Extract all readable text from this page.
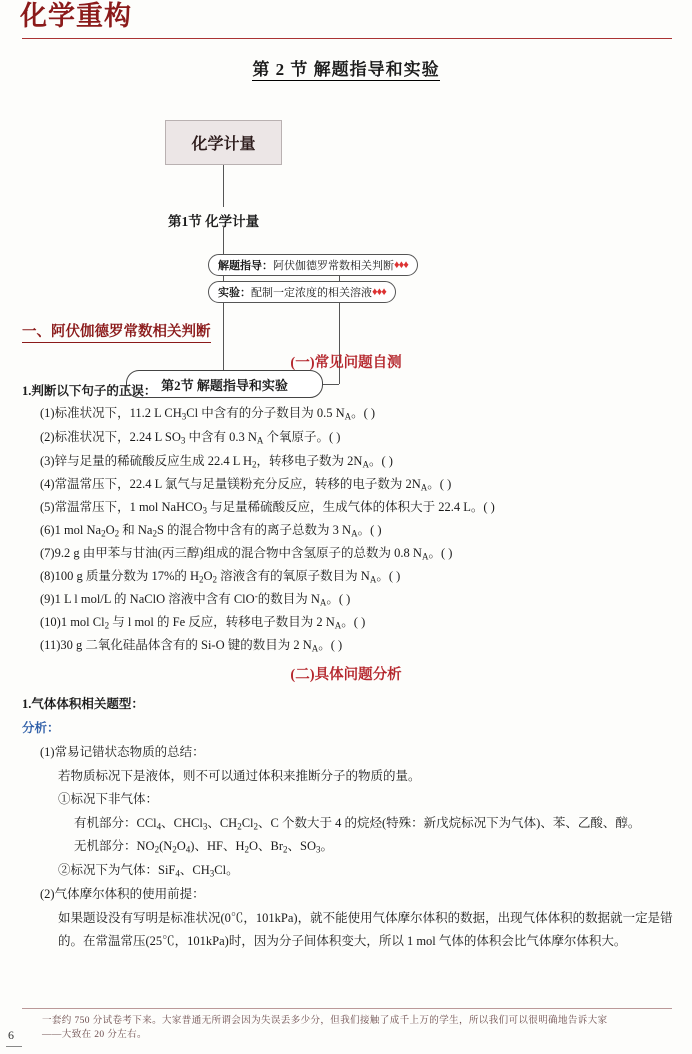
化学重构
第 2 节 解题指导和实验
化学计量
第1节 化学计量
第2节 解题指导和实验
解题指导： 阿伏伽德罗常数相关判断 ♦♦♦
实验： 配制一定浓度的相关溶液 ♦♦♦
一、阿伏伽德罗常数相关判断
(一)常见问题自测
1.判断以下句子的正误：
(1)标准状况下，11.2 L $CH_3Cl$ 中含有的分子数目为 0.5 $N_A$。( )
(2)标准状况下，2.24 L $SO_3$ 中含有 0.3 $N_A$ 个氧原子。( )
(3)锌与足量的稀硫酸反应生成 22.4 L $H_2$，转移电子数为 $2N_A$。( )
(4)常温常压下，22.4 L 氯气与足量镁粉充分反应，转移的电子数为 $2N_A$。( )
(5)常温常压下，1 mol NaHCO$_3$ 与足量稀硫酸反应，生成气体的体积大于 22.4 L。( )
(6)1 mol $Na_2O_2$ 和 $Na_2S$ 的混合物中含有的离子总数为 3 $N_A$。( )
(7)9.2 g 由甲苯与甘油(丙三醇)组成的混合物中含氢原子的总数为 0.8 $N_A$。( )
(8)100 g 质量分数为 17%的 $H_2O_2$ 溶液含有的氧原子数目为 $N_A$。( )
(9)1 L l mol/L 的 NaClO 溶液中含有 ClO-的数目为 $N_A$。( )
(10)1 mol $Cl_2$ 与 l mol 的 Fe 反应，转移电子数目为 2 $N_A$。( )
(11)30 g 二氧化硅晶体含有的 Si-O 键的数目为 2 $N_A$。( )
(二)具体问题分析
1.气体体积相关题型：
分析：
(1)常易记错状态物质的总结：
若物质标况下是液体，则不可以通过体积来推断分子的物质的量。
①标况下非气体：
有机部分：CCl$_4$、CHCl$_3$、$CH_2Cl_2$、C 个数大于 4 的烷烃(特殊：新戊烷标况下为气体)、苯、乙酸、醇。
无机部分：$NO_2(N_2O_4)$、HF、$H_2O$、$Br_2$、$SO_3$。
②标况下为气体：SiF$_4$、$CH_3Cl$。
(2)气体摩尔体积的使用前提：
如果题设没有写明是标准状况(0℃，101kPa)，就不能使用气体摩尔体积的数据，出现气体体积的数据就一定是错
的。在常温常压(25℃，101kPa)时，因为分子间体积变大，所以 1 mol 气体的体积会比气体摩尔体积大。
一套约 750 分试卷考下来。大家普通无所谓会因为失误丢多少分，但我们接触了成千上万的学生，所以我们可以很明确地告诉大家
——大致在 20 分左右。
6
